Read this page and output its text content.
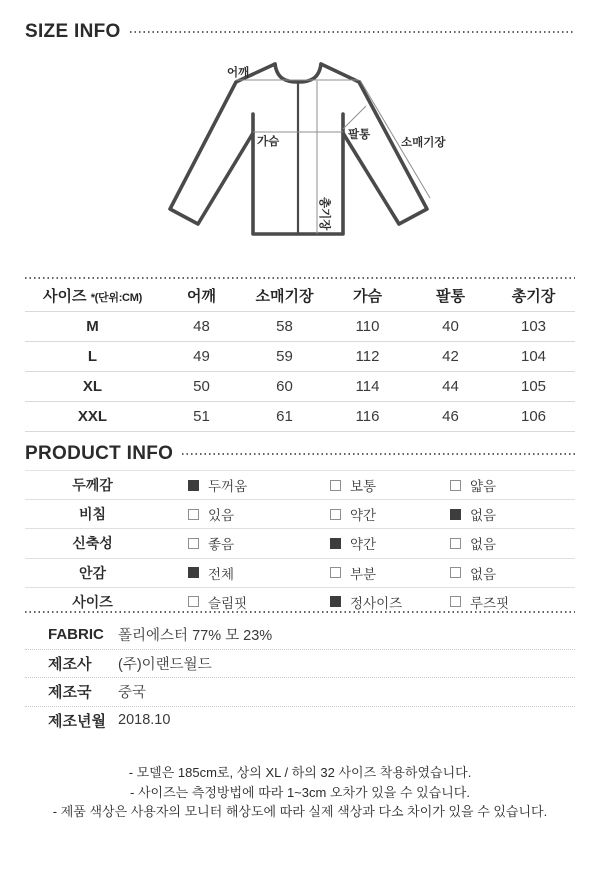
SIZE INFO
어깨
가슴
팔통
소매기장
총기장
사이즈 *(단위:CM)	어깨	소매기장	가슴	팔통	총기장
M	48	58	110	40	103
L	49	59	112	42	104
XL	50	60	114	44	105
XXL	51	61	116	46	106
PRODUCT INFO
두께감	두꺼움	보통	얇음
비침	있음	약간	없음
신축성	좋음	약간	없음
안감	전체	부분	없음
사이즈	슬림핏	정사이즈	루즈핏
FABRIC 폴리에스터 77% 모 23%
제조사	(주)이랜드월드
제조국	중국
제조년월 2018.10
- 모델은 185cm로, 상의 XL / 하의 32 사이즈 착용하였습니다.
- 사이즈는 측정방법에 따라 1~3cm 오차가 있을 수 있습니다.
- 제품 색상은 사용자의 모니터 해상도에 따라 실제 색상과 다소 차이가 있을 수 있습니다.
